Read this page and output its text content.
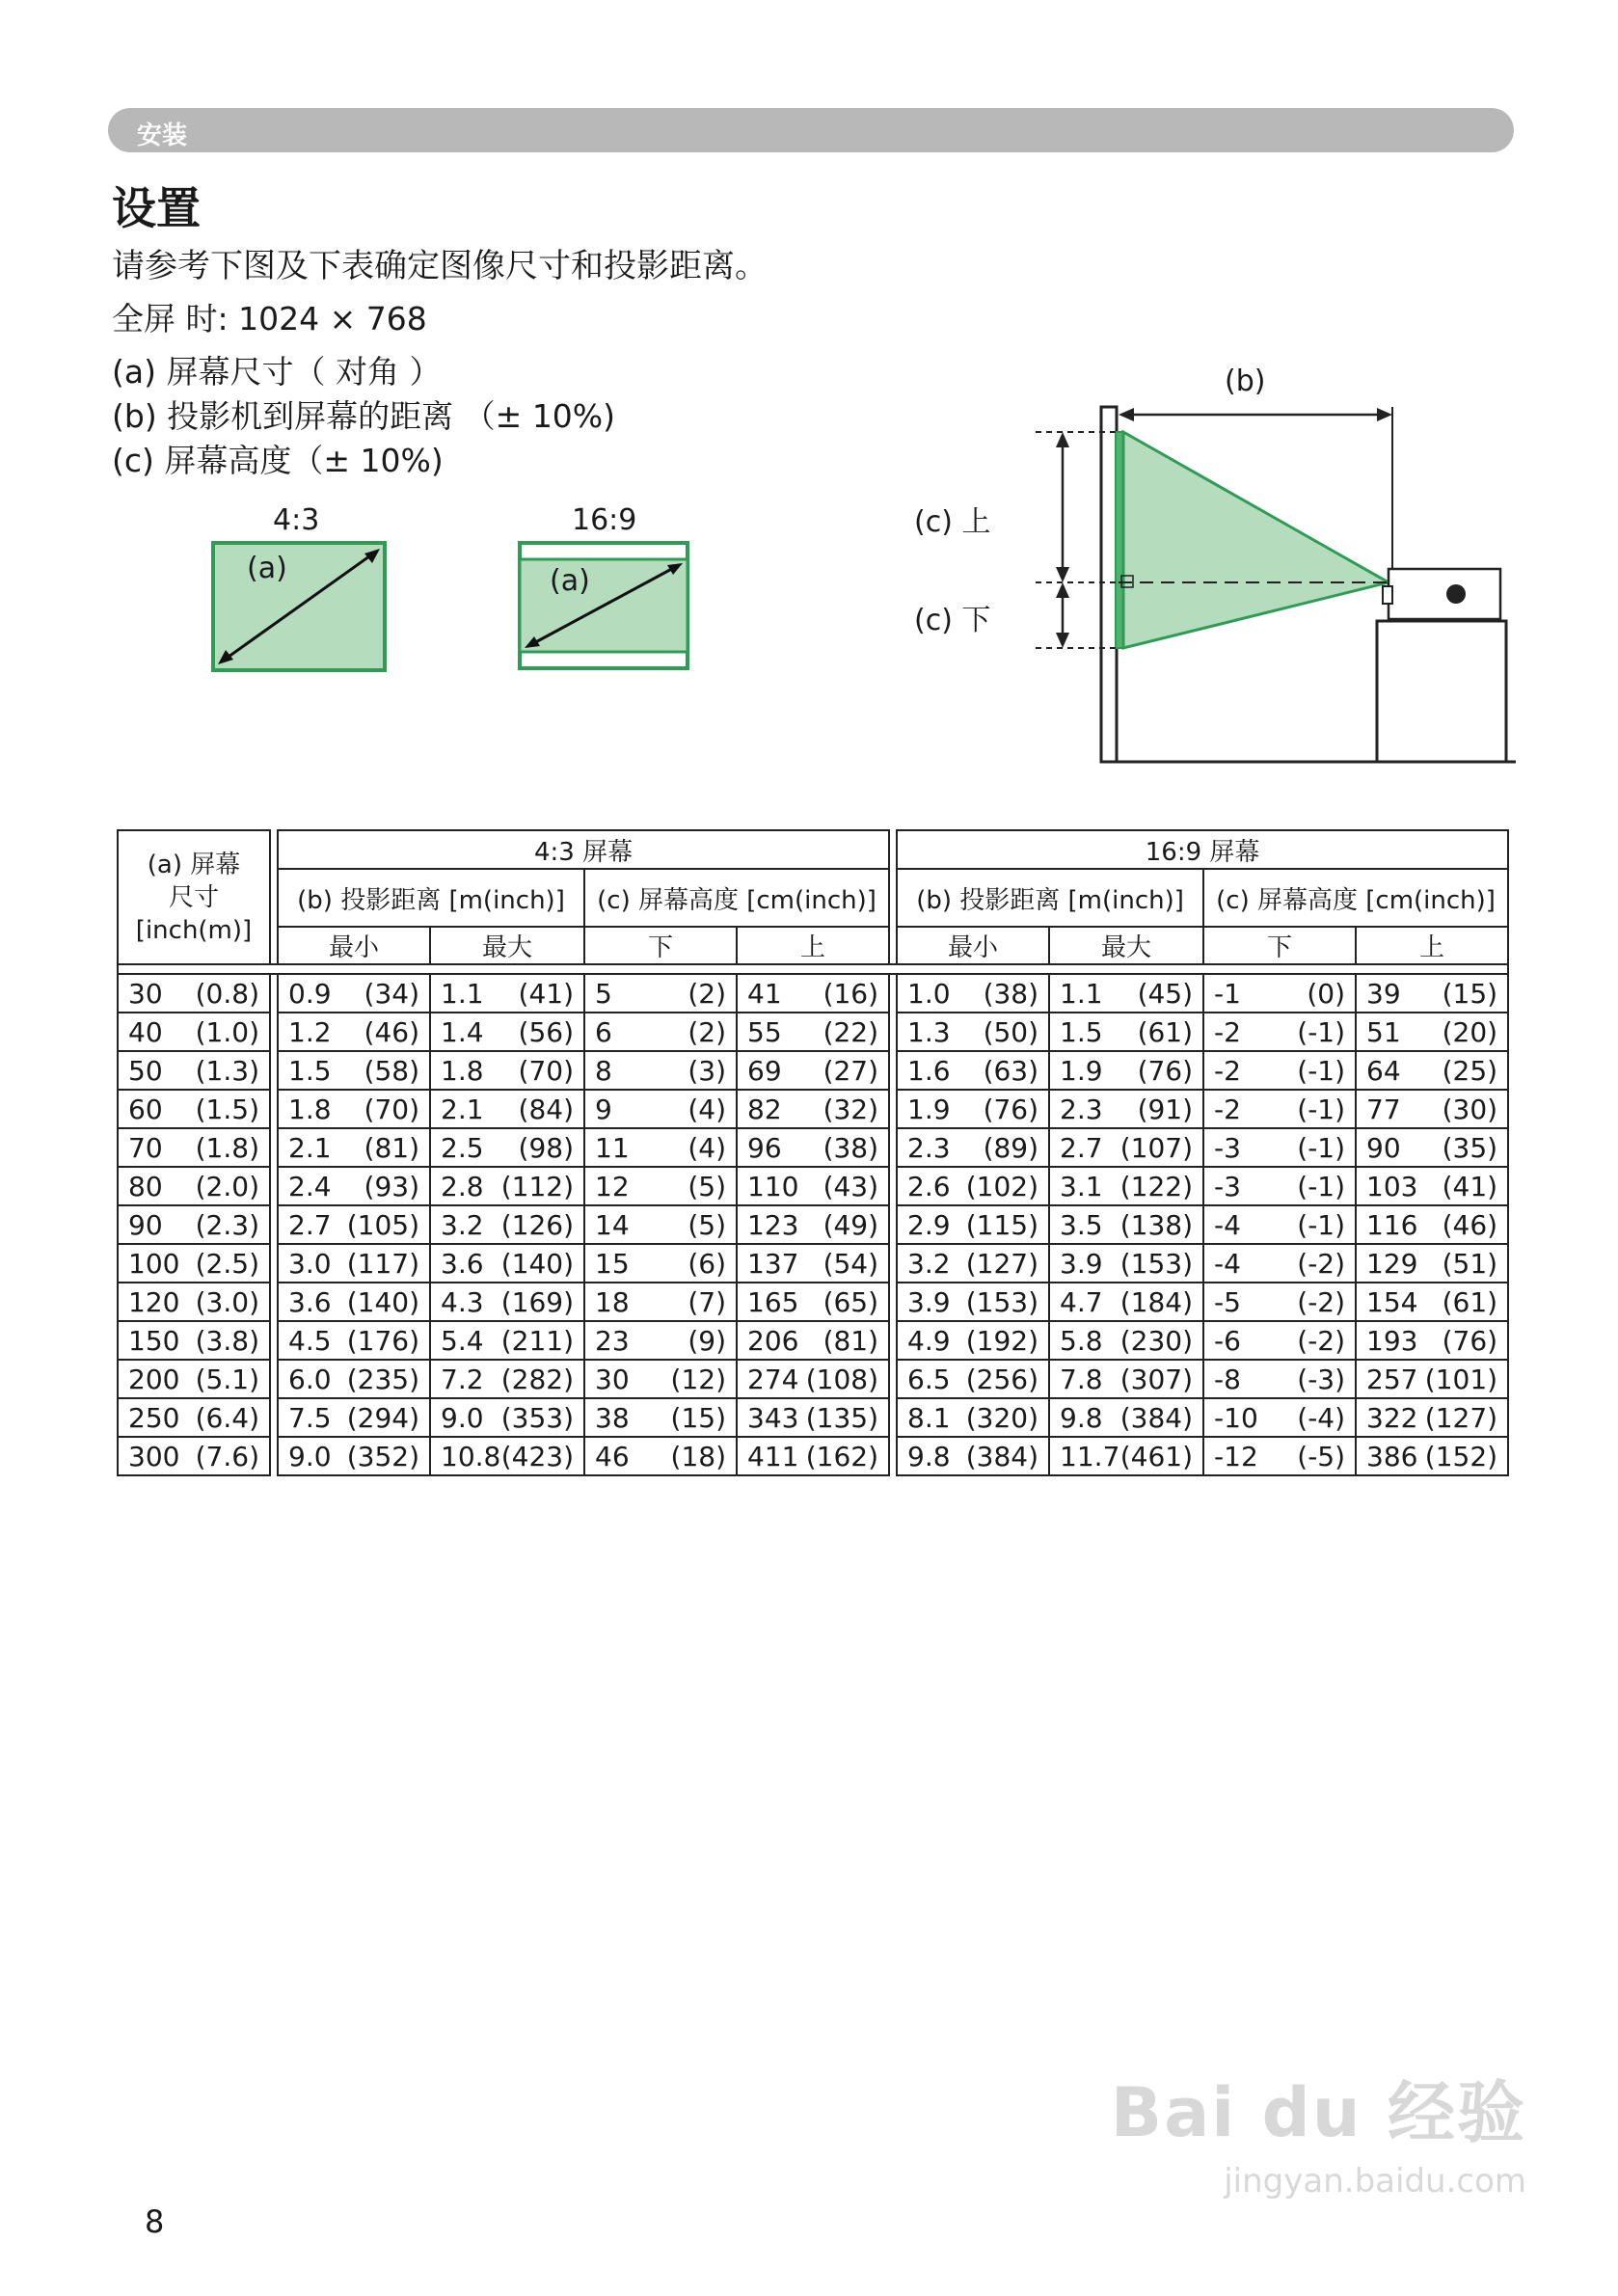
安装
设置
请参考下图及下表确定图像尺寸和投影距离。
全屏 时: 1024 × 768
(a) 屏幕尺寸（ 对角 ）
(b) 投影机到屏幕的距离 （± 10%)
(c) 屏幕高度（± 10%)
4:3
(a)
16:9
(a)
(b)
(c) 上
(c) 下
(a) 屏幕
尺寸
[inch(m)]		4:3 屏幕					16:9 屏幕			
		(b) 投影距离 [m(inch)]		(c) 屏幕高度 [cm(inch)]			(b) 投影距离 [m(inch)]		(c) 屏幕高度 [cm(inch)]	
		最小	最大	下	上		最小	最大	下	上

30 (0.8)		0.9 (34)	1.1 (41)	5 (2)	41 (16)		1.0 (38)	1.1 (45)	-1 (0)	39 (15)

40 (1.0)		1.2 (46)	1.4 (56)	6 (2)	55 (22)		1.3 (50)	1.5 (61)	-2 (-1)	51 (20)

50 (1.3)		1.5 (58)	1.8 (70)	8 (3)	69 (27)		1.6 (63)	1.9 (76)	-2 (-1)	64 (25)

60 (1.5)		1.8 (70)	2.1 (84)	9 (4)	82 (32)		1.9 (76)	2.3 (91)	-2 (-1)	77 (30)

70 (1.8)		2.1 (81)	2.5 (98)	11 (4)	96 (38)		2.3 (89)	2.7 (107)	-3 (-1)	90 (35)

80 (2.0)		2.4 (93)	2.8 (112)	12 (5)	110 (43)		2.6 (102)	3.1 (122)	-3 (-1)	103 (41)

90 (2.3)		2.7 (105)	3.2 (126)	14 (5)	123 (49)		2.9 (115)	3.5 (138)	-4 (-1)	116 (46)

100 (2.5)		3.0 (117)	3.6 (140)	15 (6)	137 (54)		3.2 (127)	3.9 (153)	-4 (-2)	129 (51)

120 (3.0)		3.6 (140)	4.3 (169)	18 (7)	165 (65)		3.9 (153)	4.7 (184)	-5 (-2)	154 (61)

150 (3.8)		4.5 (176)	5.4 (211)	23 (9)	206 (81)		4.9 (192)	5.8 (230)	-6 (-2)	193 (76)

200 (5.1)		6.0 (235)	7.2 (282)	30 (12)	274 (108)		6.5 (256)	7.8 (307)	-8 (-3)	257 (101)

250 (6.4)		7.5 (294)	9.0 (353)	38 (15)	343 (135)		8.1 (320)	9.8 (384)	-10 (-4)	322 (127)

300 (7.6)		9.0 (352)	10.8 (423)	46 (18)	411 (162)		9.8 (384)	11.7 (461)	-12 (-5)	386 (152)
8
Bai du 经验
jingyan.baidu.com
